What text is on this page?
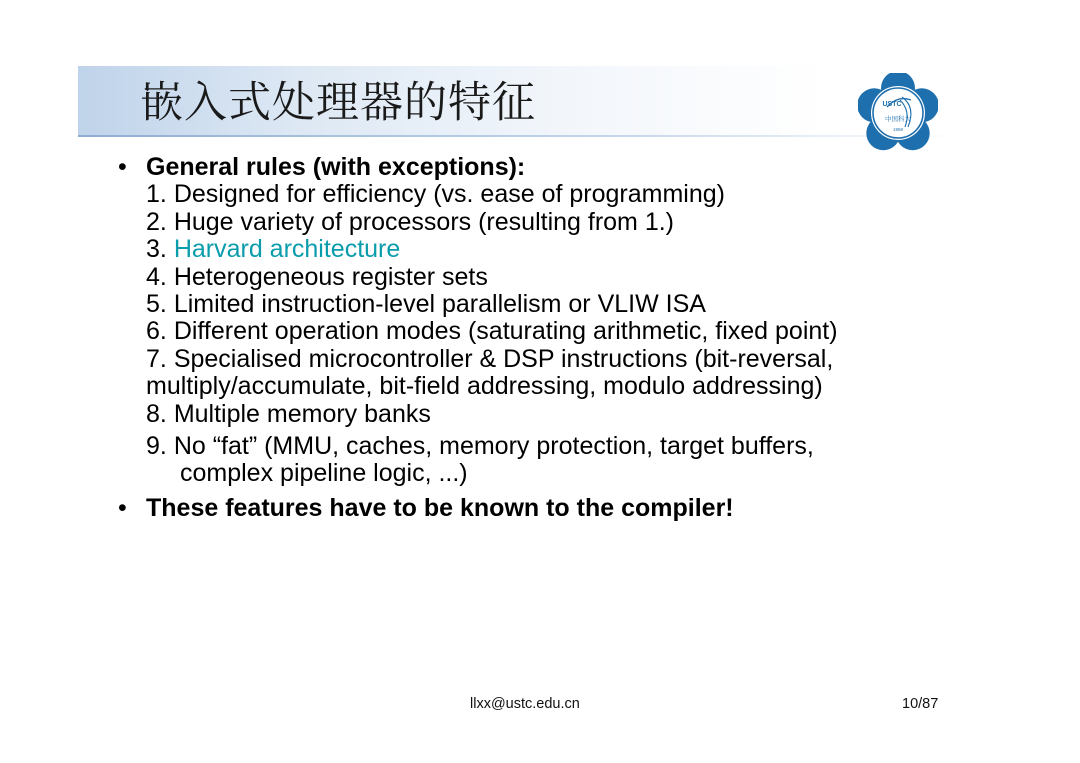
嵌入式处理器的特征	USTC
中国科大
1958
• General rules (with exceptions):
1. Designed for efficiency (vs. ease of programming)
2. Huge variety of processors (resulting from 1.)
3. Harvard architecture
4. Heterogeneous register sets
5. Limited instruction-level parallelism or VLIW ISA
6. Different operation modes (saturating arithmetic, fixed point)
7. Specialised microcontroller & DSP instructions (bit-reversal, multiply/accumulate, bit-field addressing, modulo addressing)
8. Multiple memory banks
9. No “fat” (MMU, caches, memory protection, target buffers,
complex pipeline logic, ...)
• These features have to be known to the compiler!
llxx@ustc.edu.cn	10/87
